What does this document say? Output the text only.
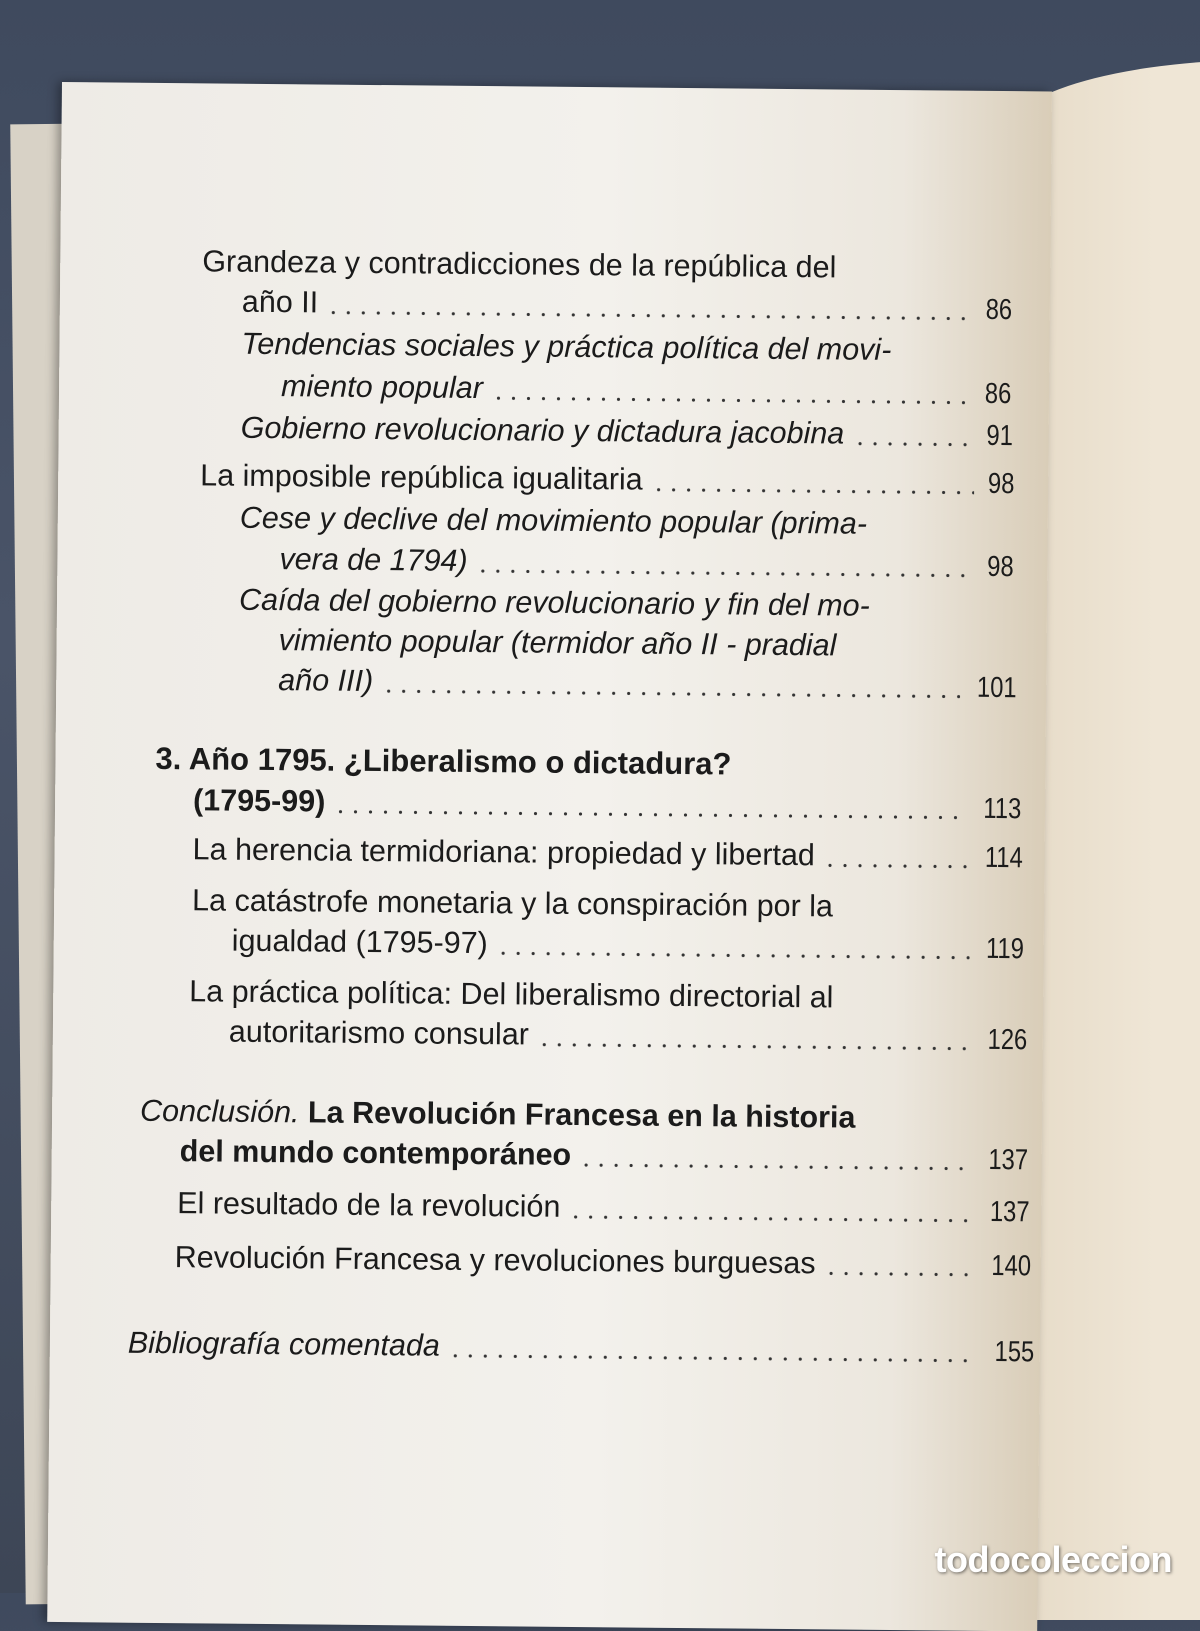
Grandeza y contradicciones de la república del
año II	86
Tendencias sociales y práctica política del movi-
miento popular	86
Gobierno revolucionario y dictadura jacobina	91
La imposible república igualitaria	98
Cese y declive del movimiento popular (prima-
vera de 1794)	98
Caída del gobierno revolucionario y fin del mo-
vimiento popular (termidor año II - pradial
año III)	101
3. Año 1795. ¿Liberalismo o dictadura?
(1795-99)	113
La herencia termidoriana: propiedad y libertad	114
La catástrofe monetaria y la conspiración por la
igualdad (1795-97)	119
La práctica política: Del liberalismo directorial al
autoritarismo consular	126
Conclusión. La Revolución Francesa en la historia
del mundo contemporáneo	137
El resultado de la revolución	137
Revolución Francesa y revoluciones burguesas	140
Bibliografía comentada	155
todocoleccion
